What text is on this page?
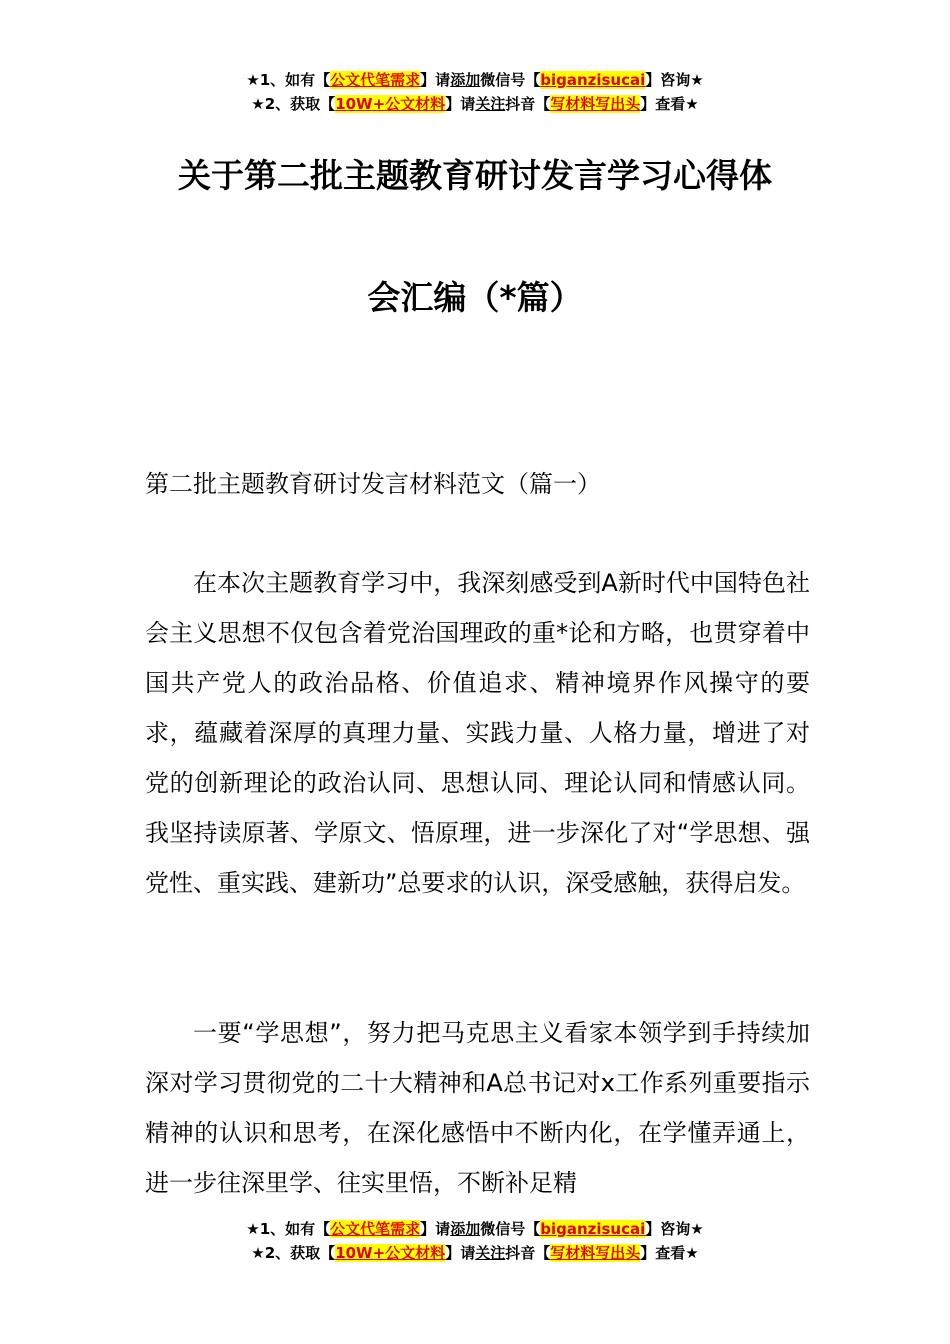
★1、如有【公文代笔需求】请添加微信号【biganzisucai】咨询★
★2、获取【10W+公文材料】请关注抖音【写材料写出头】查看★
关于第二批主题教育研讨发言学习心得体
会汇编（*篇）
第二批主题教育研讨发言材料范文（篇一）

在本次主题教育学习中，我深刻感受到A新时代中国特色社会主义思想不仅包含着党治国理政的重*论和方略，也贯穿着中国共产党人的政治品格、价值追求、精神境界作风操守的要求，蕴藏着深厚的真理力量、实践力量、人格力量，增进了对党的创新理论的政治认同、思想认同、理论认同和情感认同。我坚持读原著、学原文、悟原理，进一步深化了对“学思想、强党性、重实践、建新功”总要求的认识，深受感触，获得启发。

一要“学思想”，努力把马克思主义看家本领学到手持续加深对学习贯彻党的二十大精神和A总书记对x工作系列重要指示精神的认识和思考，在深化感悟中不断内化，在学懂弄通上，进一步往深里学、往实里悟，不断补足精

★1、如有【公文代笔需求】请添加微信号【biganzisucai】咨询★
★2、获取【10W+公文材料】请关注抖音【写材料写出头】查看★
